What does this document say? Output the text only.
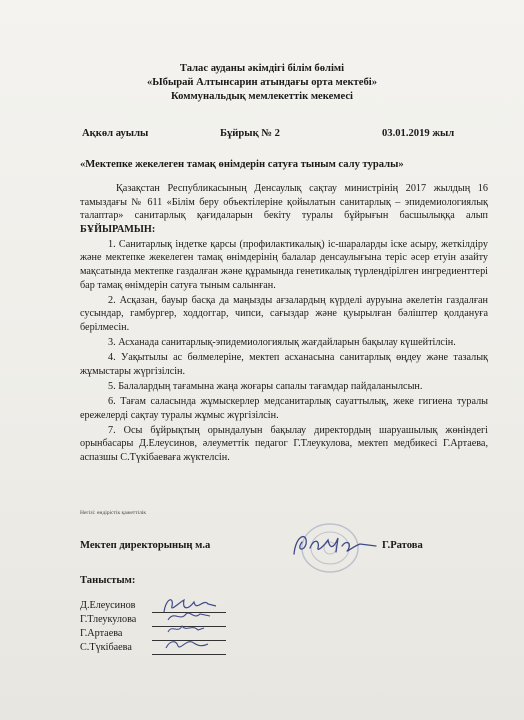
Талас ауданы әкімдігі білім бөлімі
«Ыбырай Алтынсарин атындағы орта мектебі»
Коммунальдық мемлекеттік мекемесі
Ақкөл ауылы	Бұйрық № 2	03.01.2019 жыл
«Мектепке жекелеген тамақ өнімдерін сатуға тыным салу туралы»

Қазақстан Республикасының Денсаулық сақтау министрінің 2017 жылдың 16 тамыздағы № 611 «Білім беру объектілеріне қойылатын санитарлық – эпидемиологиялық талаптар» санитарлық қағидаларын бекіту туралы бұйрығын басшылыққа алып БҰЙЫРАМЫН:

1. Санитарлық індетке қарсы (профилактикалық) іс-шараларды іске асыру, жеткілдіру және мектепке жекелеген тамақ өнімдерінің балалар денсаулығына теріс әсер етуін азайту мақсатында мектепке газдалған және құрамында генетикалық түрлендірілген ингредиенттері бар тамақ өнімдерін сатуға тыным салынған.

2. Асқазан, бауыр басқа да маңызды ағзалардың күрделі ауруына әкелетін газдалған сусындар, гамбургер, ходдоггар, чипси, сағыздар және қуырылған бәліштер қолдануға берілмесін.

3. Асханада санитарлық-эпидемиологиялық жағдайларын бақылау күшейтілсін.

4. Уақытылы ас бөлмелеріне, мектеп асханасына санитарлық өңдеу және тазалық жұмыстары жүргізілсін.

5. Балалардың тағамына жаңа жоғары сапалы тағамдар пайдаланылсын.

6. Тағам саласында жұмыскерлер медсанитарлық сауаттылық, жеке гигиена туралы ережелерді сақтау туралы жұмыс жүргізілсін.

7. Осы бұйрықтың орындалуын бақылау директордың шаруашылық жөніндегі орынбасары Д.Елеусинов, әлеуметтік педагог Г.Тлеукулова, мектеп медбикесі Г.Артаева, аспазшы С.Түкібаеваға жүктелсін.

Негізі: өндірістік қажеттілік
Мектеп директорының м.а	Г.Ратова
Таныстым:
Д.Елеусинов
Г.Тлеукулова
Г.Артаева
С.Түкібаева
